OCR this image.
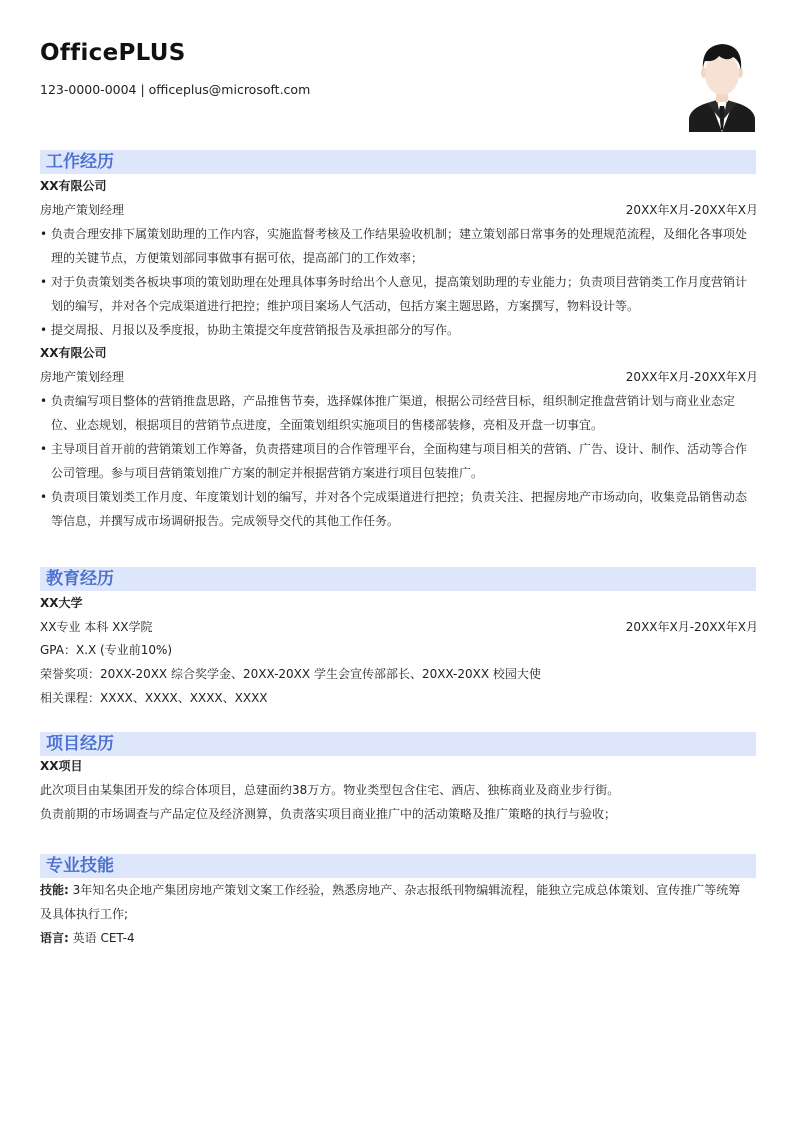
OfficePLUS
123-0000-0004 | officeplus@microsoft.com
工作经历
XX有限公司
房地产策划经理	20XX年X月-20XX年X月
• 负责合理安排下属策划助理的工作内容，实施监督考核及工作结果验收机制；建立策划部日常事务的处理规范流程，及细化各事项处理的关键节点，方便策划部同事做事有据可依，提高部门的工作效率；
• 对于负责策划类各板块事项的策划助理在处理具体事务时给出个人意见，提高策划助理的专业能力；负责项目营销类工作月度营销计划的编写，并对各个完成渠道进行把控；维护项目案场人气活动，包括方案主题思路，方案撰写，物料设计等。
• 提交周报、月报以及季度报，协助主策提交年度营销报告及承担部分的写作。
XX有限公司
房地产策划经理	20XX年X月-20XX年X月
• 负责编写项目整体的营销推盘思路，产品推售节奏，选择媒体推广渠道，根据公司经营目标，组织制定推盘营销计划与商业业态定位、业态规划，根据项目的营销节点进度，全面策划组织实施项目的售楼部装修，亮相及开盘一切事宜。
• 主导项目首开前的营销策划工作筹备，负责搭建项目的合作管理平台，全面构建与项目相关的营销、广告、设计、制作、活动等合作公司管理。参与项目营销策划推广方案的制定并根据营销方案进行项目包装推广。
• 负责项目策划类工作月度、年度策划计划的编写，并对各个完成渠道进行把控；负责关注、把握房地产市场动向，收集竞品销售动态等信息，并撰写成市场调研报告。完成领导交代的其他工作任务。
教育经历
XX大学
XX专业 本科 XX学院	20XX年X月-20XX年X月
GPA：X.X (专业前10%)
荣誉奖项：20XX-20XX 综合奖学金、20XX-20XX 学生会宣传部部长、20XX-20XX 校园大使
相关课程：XXXX、XXXX、XXXX、XXXX
项目经历
XX项目
此次项目由某集团开发的综合体项目，总建面约38万方。物业类型包含住宅、酒店、独栋商业及商业步行街。
负责前期的市场调查与产品定位及经济测算，负责落实项目商业推广中的活动策略及推广策略的执行与验收；
专业技能
技能: 3年知名央企地产集团房地产策划文案工作经验，熟悉房地产、杂志报纸刊物编辑流程，能独立完成总体策划、宣传推广等统筹
及具体执行工作;
语言: 英语 CET-4
